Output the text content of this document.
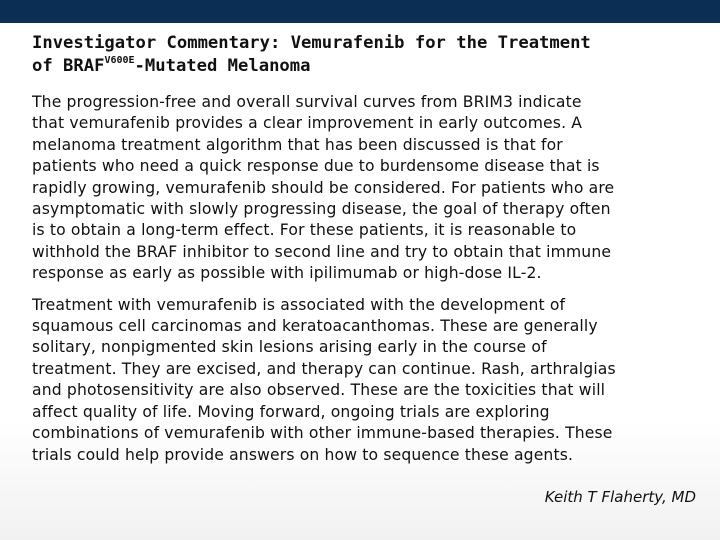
Investigator Commentary: Vemurafenib for the Treatment
of $BRAF^{V600E}$-Mutated Melanoma
The progression-free and overall survival curves from BRIM3 indicate
that vemurafenib provides a clear improvement in early outcomes. A
melanoma treatment algorithm that has been discussed is that for
patients who need a quick response due to burdensome disease that is
rapidly growing, vemurafenib should be considered. For patients who are
asymptomatic with slowly progressing disease, the goal of therapy often
is to obtain a long-term effect. For these patients, it is reasonable to
withhold the BRAF inhibitor to second line and try to obtain that immune
response as early as possible with ipilimumab or high-dose IL-2.
Treatment with vemurafenib is associated with the development of
squamous cell carcinomas and keratoacanthomas. These are generally
solitary, nonpigmented skin lesions arising early in the course of
treatment. They are excised, and therapy can continue. Rash, arthralgias
and photosensitivity are also observed. These are the toxicities that will
affect quality of life. Moving forward, ongoing trials are exploring
combinations of vemurafenib with other immune-based therapies. These
trials could help provide answers on how to sequence these agents.
Keith T Flaherty, MD
